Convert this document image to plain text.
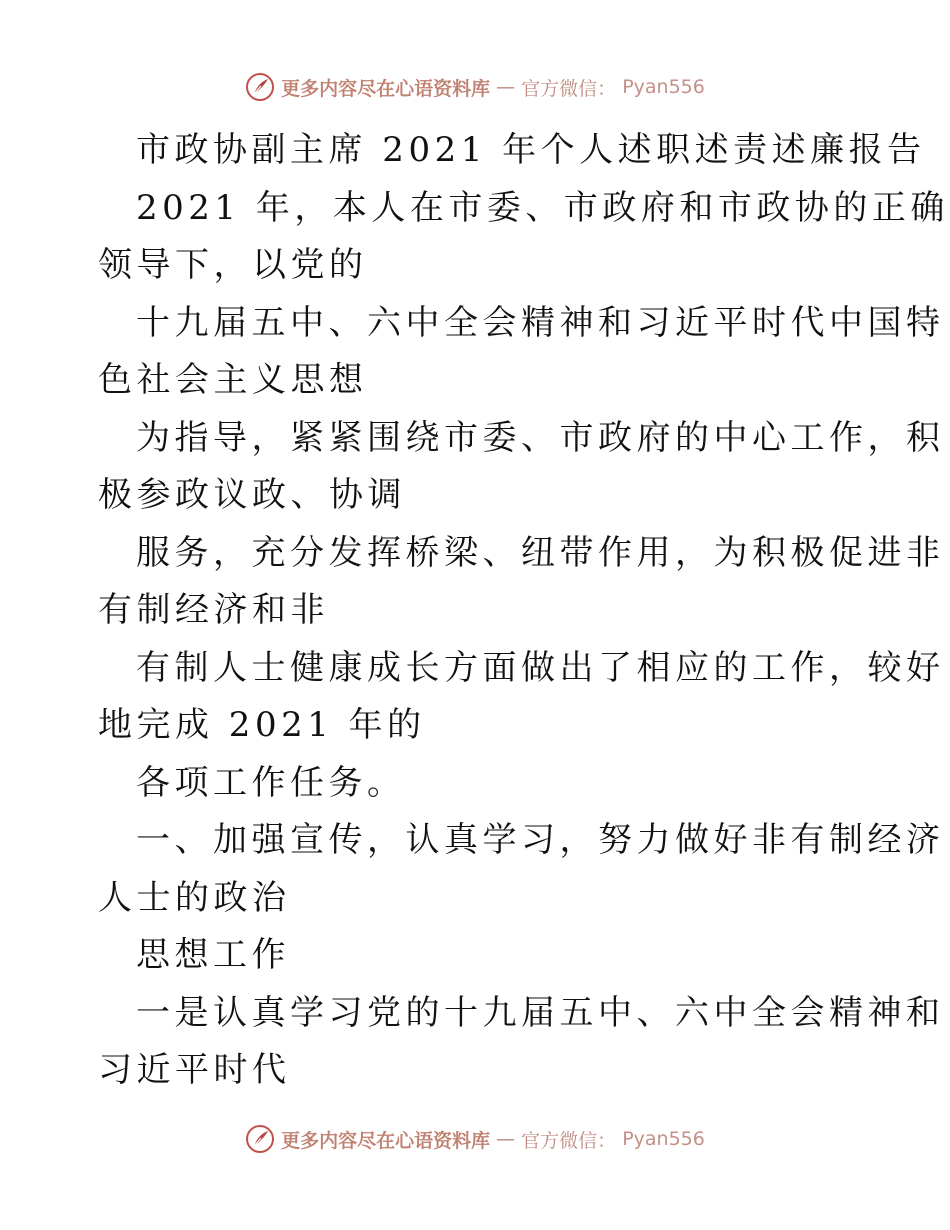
更多内容尽在心语资料库 — 官方微信： Pyan556
市政协副主席 2021 年个人述职述责述廉报告
2021 年，本人在市委、市政府和市政协的正确
领导下，以党的
十九届五中、六中全会精神和习近平时代中国特
色社会主义思想
为指导，紧紧围绕市委、市政府的中心工作，积
极参政议政、协调
服务，充分发挥桥梁、纽带作用，为积极促进非
有制经济和非
有制人士健康成长方面做出了相应的工作，较好
地完成 2021 年的
各项工作任务。
一、加强宣传，认真学习，努力做好非有制经济
人士的政治
思想工作
一是认真学习党的十九届五中、六中全会精神和
习近平时代
更多内容尽在心语资料库 — 官方微信： Pyan556
